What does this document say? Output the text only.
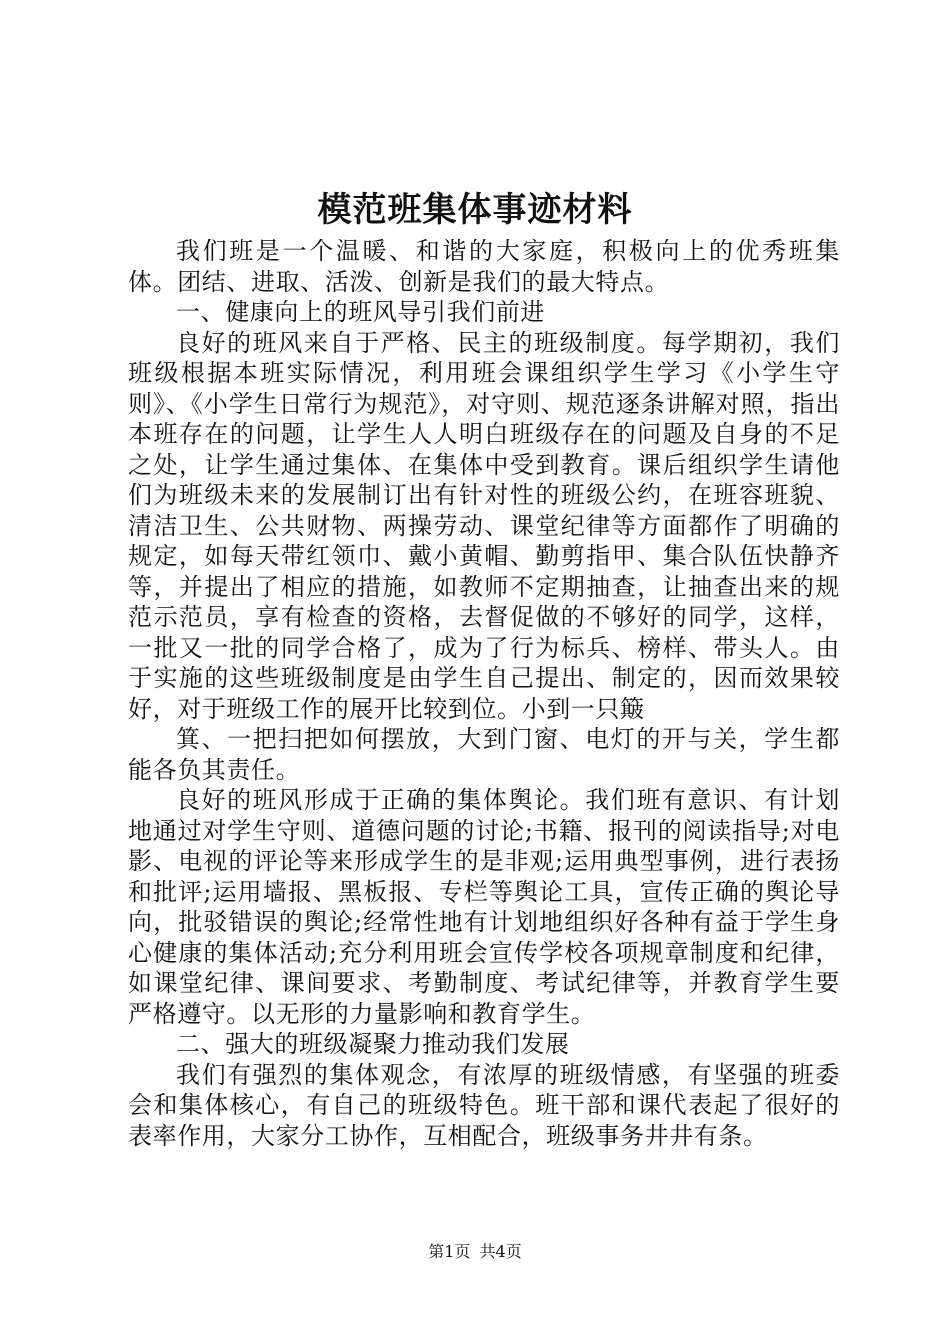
模范班集体事迹材料

我们班是一个温暖、和谐的大家庭，积极向上的优秀班集体。团结、进取、活泼、创新是我们的最大特点。

一、健康向上的班风导引我们前进

良好的班风来自于严格、民主的班级制度。每学期初，我们班级根据本班实际情况，利用班会课组织学生学习《小学生守则》、《小学生日常行为规范》，对守则、规范逐条讲解对照，指出本班存在的问题，让学生人人明白班级存在的问题及自身的不足之处，让学生通过集体、在集体中受到教育。课后组织学生请他们为班级未来的发展制订出有针对性的班级公约，在班容班貌、清洁卫生、公共财物、两操劳动、课堂纪律等方面都作了明确的规定，如每天带红领巾、戴小黄帽、勤剪指甲、集合队伍快静齐等，并提出了相应的措施，如教师不定期抽查，让抽查出来的规范示范员，享有检查的资格，去督促做的不够好的同学，这样，一批又一批的同学合格了，成为了行为标兵、榜样、带头人。由于实施的这些班级制度是由学生自己提出、制定的，因而效果较好，对于班级工作的展开比较到位。小到一只簸

箕、一把扫把如何摆放，大到门窗、电灯的开与关，学生都能各负其责任。

良好的班风形成于正确的集体舆论。我们班有意识、有计划地通过对学生守则、道德问题的讨论;书籍、报刊的阅读指导;对电影、电视的评论等来形成学生的是非观;运用典型事例，进行表扬和批评;运用墙报、黑板报、专栏等舆论工具，宣传正确的舆论导向，批驳错误的舆论;经常性地有计划地组织好各种有益于学生身心健康的集体活动;充分利用班会宣传学校各项规章制度和纪律，如课堂纪律、课间要求、考勤制度、考试纪律等，并教育学生要严格遵守。以无形的力量影响和教育学生。

二、强大的班级凝聚力推动我们发展

我们有强烈的集体观念，有浓厚的班级情感，有坚强的班委会和集体核心，有自己的班级特色。班干部和课代表起了很好的表率作用，大家分工协作，互相配合，班级事务井井有条。

第1页 共4页
